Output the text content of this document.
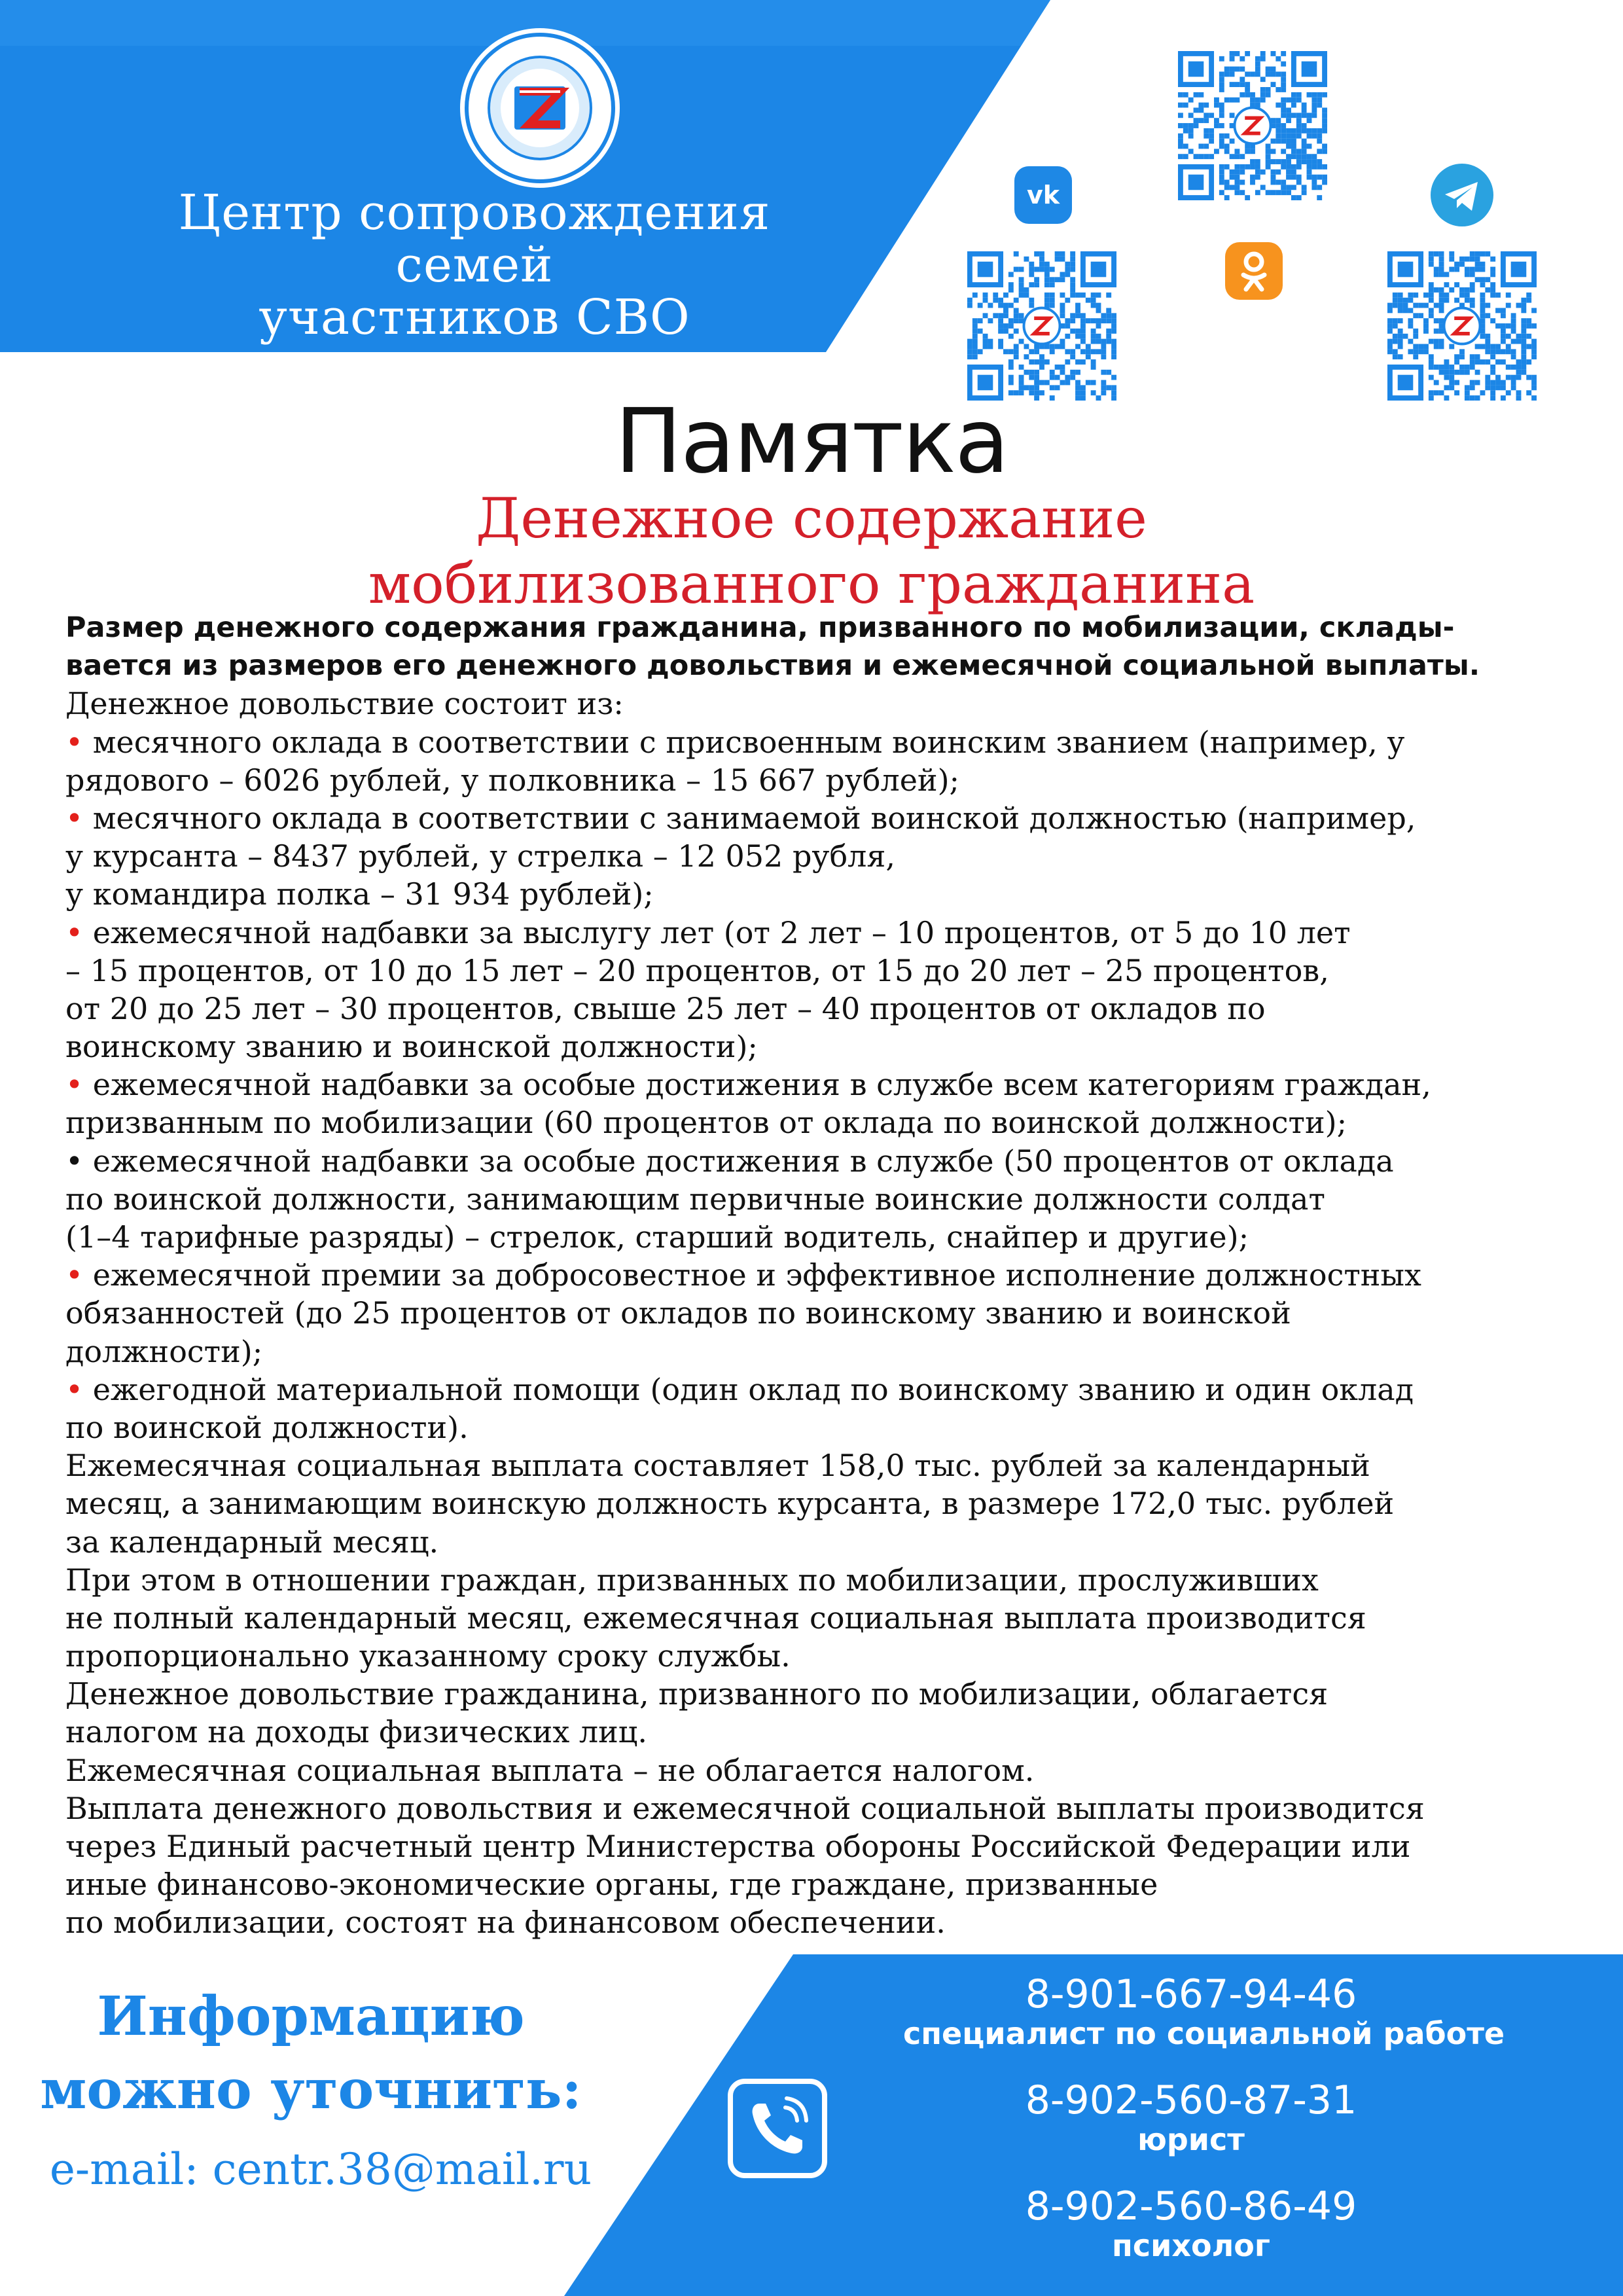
Центр сопровождения
семей
участников СВО
vk
Памятка
Денежное содержание
мобилизованного гражданина
Размер денежного содержания гражданина, призванного по мобилизации, склады-
вается из размеров его денежного довольствия и ежемесячной социальной выплаты.
Денежное довольствие состоит из:
• месячного оклада в соответствии с присвоенным воинским званием (например, у
рядового – 6026 рублей, у полковника – 15 667 рублей);
• месячного оклада в соответствии с занимаемой воинской должностью (например,
у курсанта – 8437 рублей, у стрелка – 12 052 рубля,
у командира полка – 31 934 рублей);
• ежемесячной надбавки за выслугу лет (от 2 лет – 10 процентов, от 5 до 10 лет
– 15 процентов, от 10 до 15 лет – 20 процентов, от 15 до 20 лет – 25 процентов,
от 20 до 25 лет – 30 процентов, свыше 25 лет – 40 процентов от окладов по
воинскому званию и воинской должности);
• ежемесячной надбавки за особые достижения в службе всем категориям граждан,
призванным по мобилизации (60 процентов от оклада по воинской должности);
• ежемесячной надбавки за особые достижения в службе (50 процентов от оклада
по воинской должности, занимающим первичные воинские должности солдат
(1–4 тарифные разряды) – стрелок, старший водитель, снайпер и другие);
• ежемесячной премии за добросовестное и эффективное исполнение должностных
обязанностей (до 25 процентов от окладов по воинскому званию и воинской
должности);
• ежегодной материальной помощи (один оклад по воинскому званию и один оклад
по воинской должности).
Ежемесячная социальная выплата составляет 158,0 тыс. рублей за календарный
месяц, а занимающим воинскую должность курсанта, в размере 172,0 тыс. рублей
за календарный месяц.
При этом в отношении граждан, призванных по мобилизации, прослуживших
не полный календарный месяц, ежемесячная социальная выплата производится
пропорционально указанному сроку службы.
Денежное довольствие гражданина, призванного по мобилизации, облагается
налогом на доходы физических лиц.
Ежемесячная социальная выплата – не облагается налогом.
Выплата денежного довольствия и ежемесячной социальной выплаты производится
через Единый расчетный центр Министерства обороны Российской Федерации или
иные финансово-экономические органы, где граждане, призванные
по мобилизации, состоят на финансовом обеспечении.
Информацию
можно уточнить:
e-mail: centr.38@mail.ru
8-901-667-94-46
специалист по социальной работе
8-902-560-87-31
юрист
8-902-560-86-49
психолог
